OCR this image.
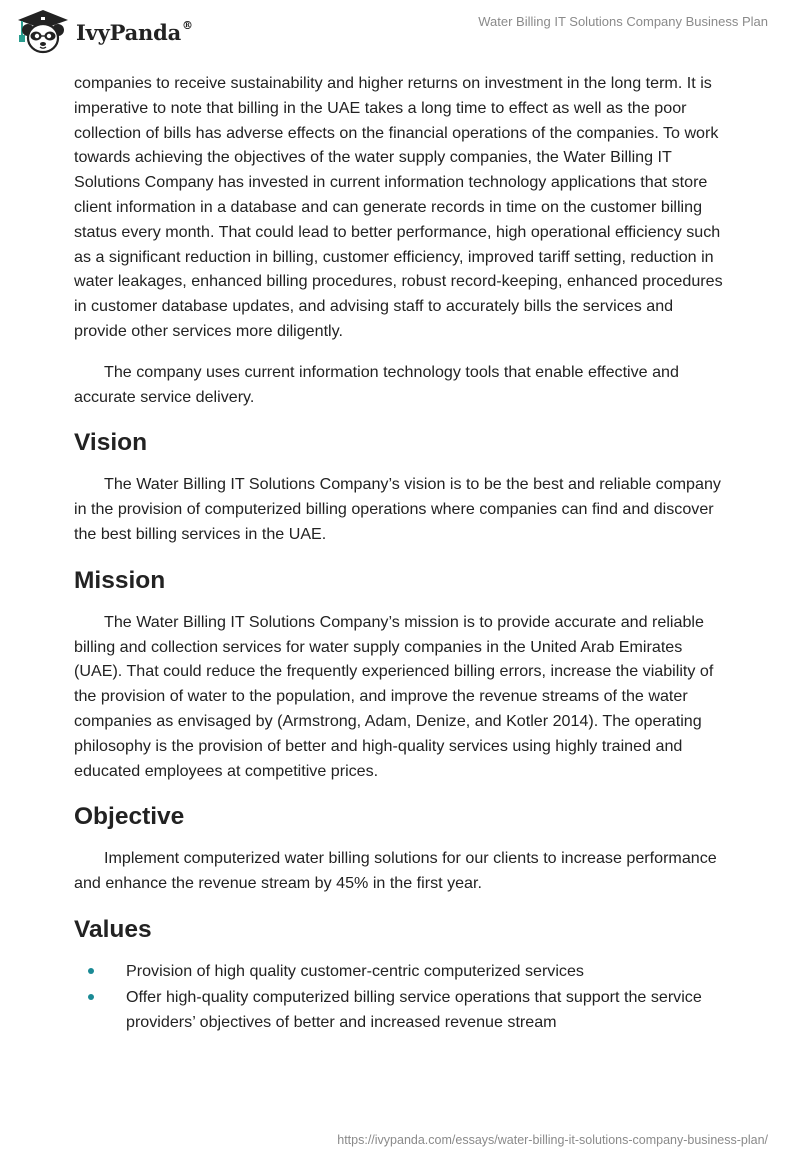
IvyPanda®	Water Billing IT Solutions Company Business Plan

companies to receive sustainability and higher returns on investment in the long term. It is imperative to note that billing in the UAE takes a long time to effect as well as the poor collection of bills has adverse effects on the financial operations of the companies. To work towards achieving the objectives of the water supply companies, the Water Billing IT Solutions Company has invested in current information technology applications that store client information in a database and can generate records in time on the customer billing status every month. That could lead to better performance, high operational efficiency such as a significant reduction in billing, customer efficiency, improved tariff setting, reduction in water leakages, enhanced billing procedures, robust record-keeping, enhanced procedures in customer database updates, and advising staff to accurately bills the services and provide other services more diligently.

The company uses current information technology tools that enable effective and accurate service delivery.

Vision

The Water Billing IT Solutions Company’s vision is to be the best and reliable company in the provision of computerized billing operations where companies can find and discover the best billing services in the UAE.

Mission

The Water Billing IT Solutions Company’s mission is to provide accurate and reliable billing and collection services for water supply companies in the United Arab Emirates (UAE). That could reduce the frequently experienced billing errors, increase the viability of the provision of water to the population, and improve the revenue streams of the water companies as envisaged by (Armstrong, Adam, Denize, and Kotler 2014). The operating philosophy is the provision of better and high-quality services using highly trained and educated employees at competitive prices.

Objective

Implement computerized water billing solutions for our clients to increase performance and enhance the revenue stream by 45% in the first year.

Values
Provision of high quality customer-centric computerized services
Offer high-quality computerized billing service operations that support the service providers’ objectives of better and increased revenue stream
https://ivypanda.com/essays/water-billing-it-solutions-company-business-plan/
